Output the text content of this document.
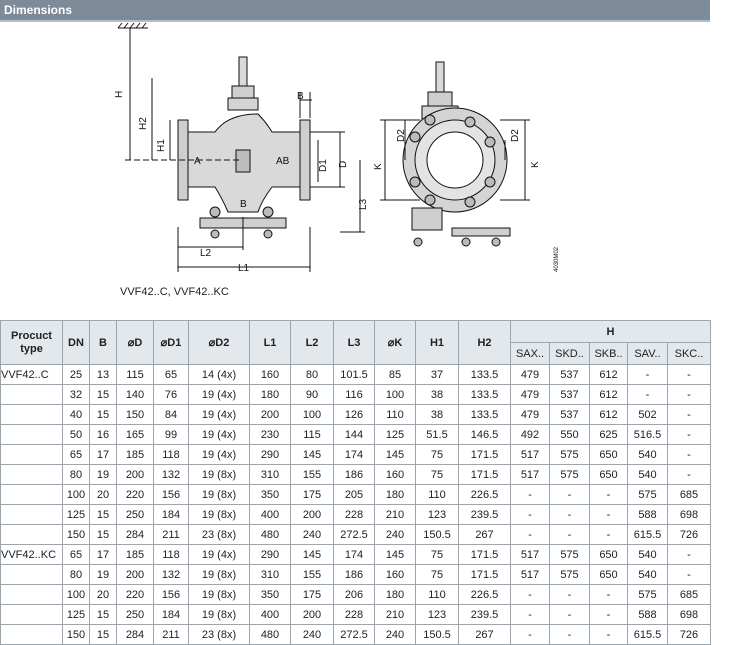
Dimensions
H
H2
H1
B
A	AB
B
D1 D
L3
L2
L1
D2
K
D2
K
4030M02
VVF42..C, VVF42..KC
Procuct type	DN	B	⌀D	⌀D1	⌀D2	L1	L2	L3	⌀K	H1	H2	H				
												SAX..	SKD..	SKB..	SAV..	SKC..
VVF42..C	25	13	115	65	14 (4x)	160	80	101.5	85	37	133.5	479	537	612	-	-
	32	15	140	76	19 (4x)	180	90	116	100	38	133.5	479	537	612	-	-
	40	15	150	84	19 (4x)	200	100	126	110	38	133.5	479	537	612	502	-
	50	16	165	99	19 (4x)	230	115	144	125	51.5	146.5	492	550	625	516.5	-
	65	17	185	118	19 (4x)	290	145	174	145	75	171.5	517	575	650	540	-
	80	19	200	132	19 (8x)	310	155	186	160	75	171.5	517	575	650	540	-
	100	20	220	156	19 (8x)	350	175	205	180	110	226.5	-	-	-	575	685
	125	15	250	184	19 (8x)	400	200	228	210	123	239.5	-	-	-	588	698
	150	15	284	211	23 (8x)	480	240	272.5	240	150.5	267	-	-	-	615.5	726
VVF42..KC	65	17	185	118	19 (4x)	290	145	174	145	75	171.5	517	575	650	540	-
	80	19	200	132	19 (8x)	310	155	186	160	75	171.5	517	575	650	540	-
	100	20	220	156	19 (8x)	350	175	206	180	110	226.5	-	-	-	575	685
	125	15	250	184	19 (8x)	400	200	228	210	123	239.5	-	-	-	588	698
	150	15	284	211	23 (8x)	480	240	272.5	240	150.5	267	-	-	-	615.5	726
